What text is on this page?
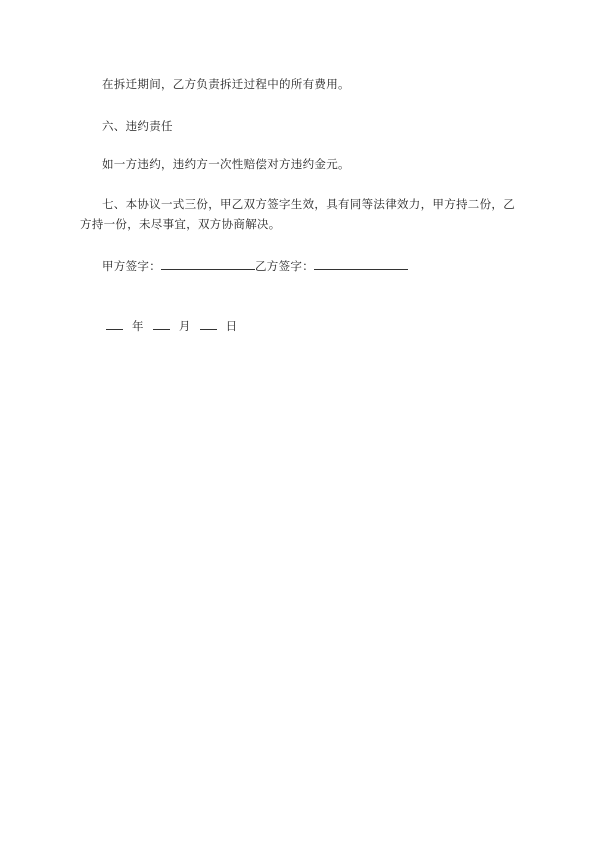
在拆迁期间，乙方负责拆迁过程中的所有费用。
六、违约责任
如一方违约，违约方一次性赔偿对方违约金元。
七、本协议一式三份，甲乙双方签字生效，具有同等法律效力，甲方持二份，乙
方持一份，未尽事宜，双方协商解决。
甲方签字：	乙方签字：
年	月	日
